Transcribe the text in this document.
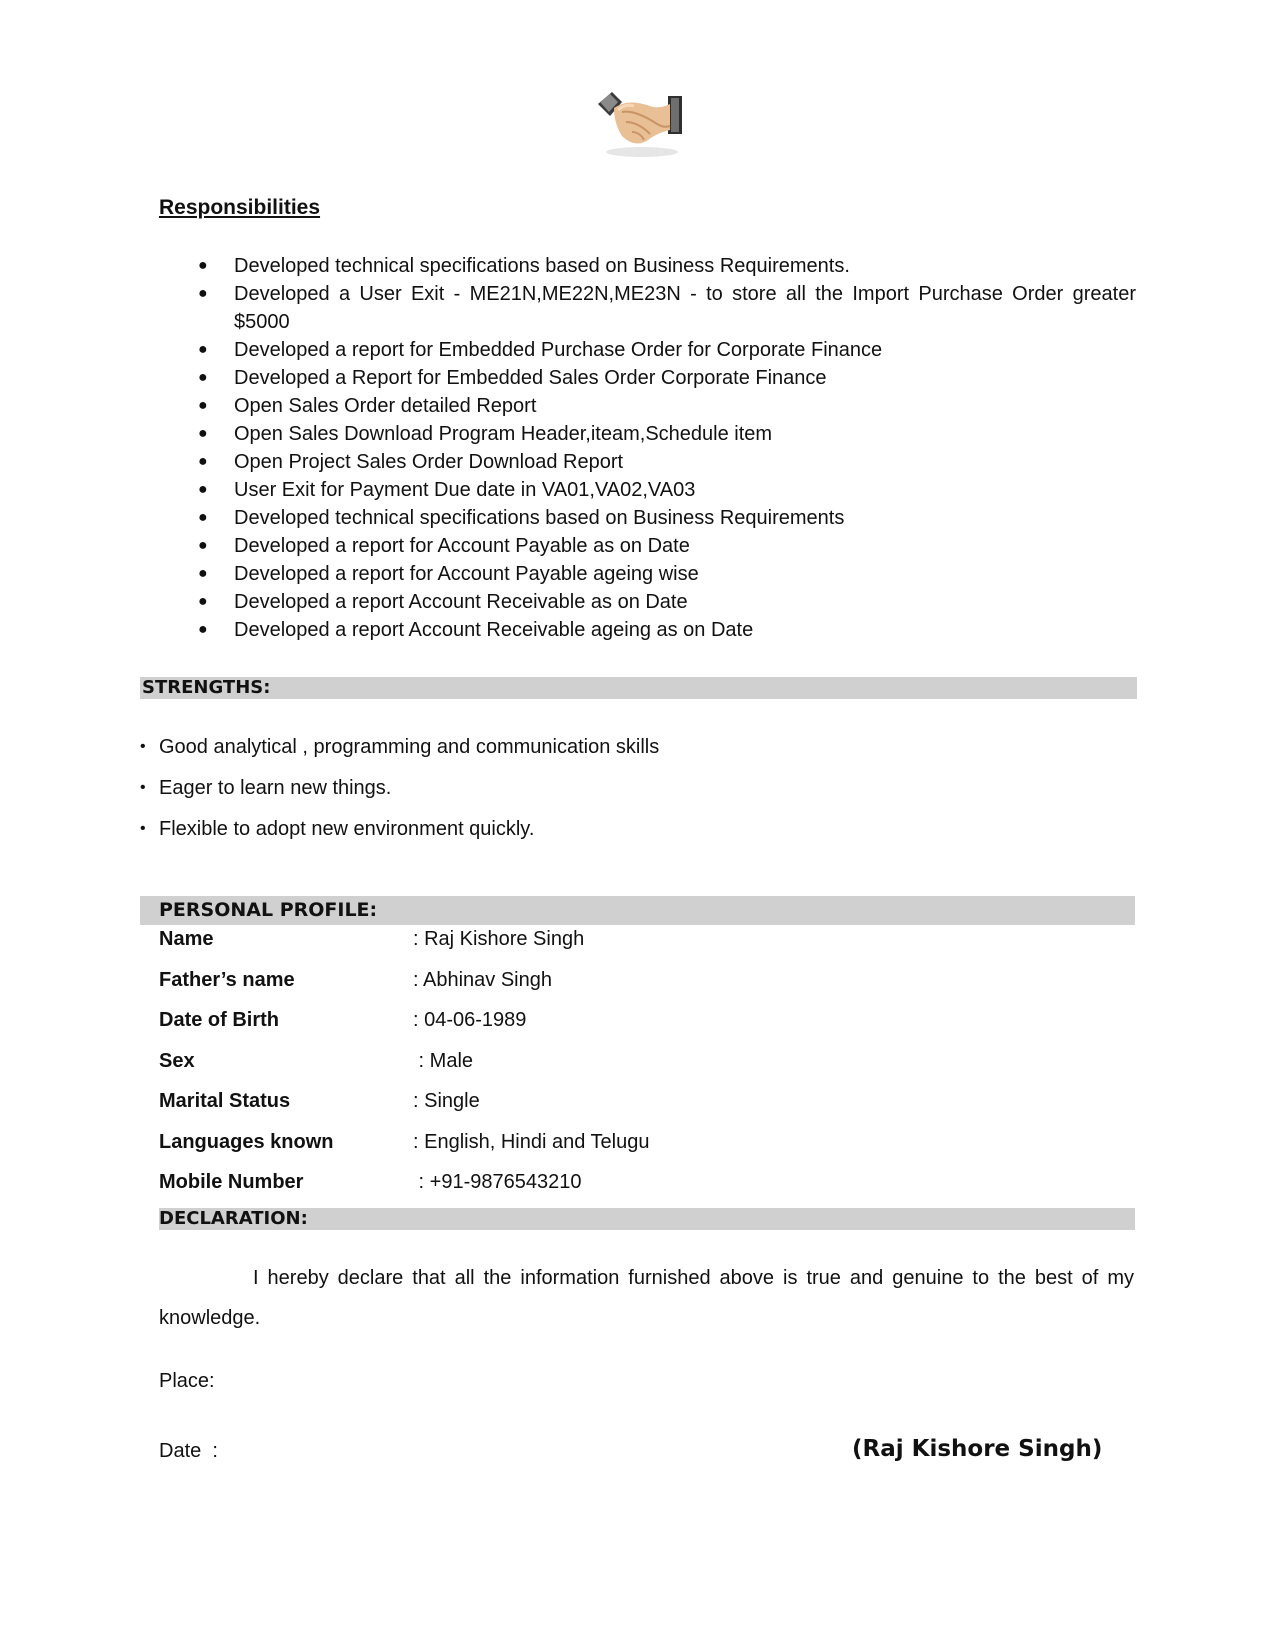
Responsibilities
● Developed technical specifications based on Business Requirements.
● Developed a User Exit - ME21N,ME22N,ME23N - to store all the Import Purchase Order greater $5000
● Developed a report for Embedded Purchase Order for Corporate Finance
● Developed a Report for Embedded Sales Order Corporate Finance
● Open Sales Order detailed Report
● Open Sales Download Program Header,iteam,Schedule item
● Open Project Sales Order Download Report
● User Exit for Payment Due date in VA01,VA02,VA03
● Developed technical specifications based on Business Requirements
● Developed a report for Account Payable as on Date
● Developed a report for Account Payable ageing wise
● Developed a report Account Receivable as on Date
● Developed a report Account Receivable ageing as on Date
STRENGTHS:
• Good analytical , programming and communication skills
• Eager to learn new things.
• Flexible to adopt new environment quickly.
PERSONAL PROFILE:
Name	: Raj Kishore Singh
Father’s name	: Abhinav Singh
Date of Birth	: 04-06-1989
Sex	: Male
Marital Status	: Single
Languages known	: English, Hindi and Telugu
Mobile Number	: +91-9876543210
DECLARATION:
I hereby declare that all the information furnished above is true and genuine to the best of my knowledge.
Place:
Date  :	(Raj Kishore Singh)
